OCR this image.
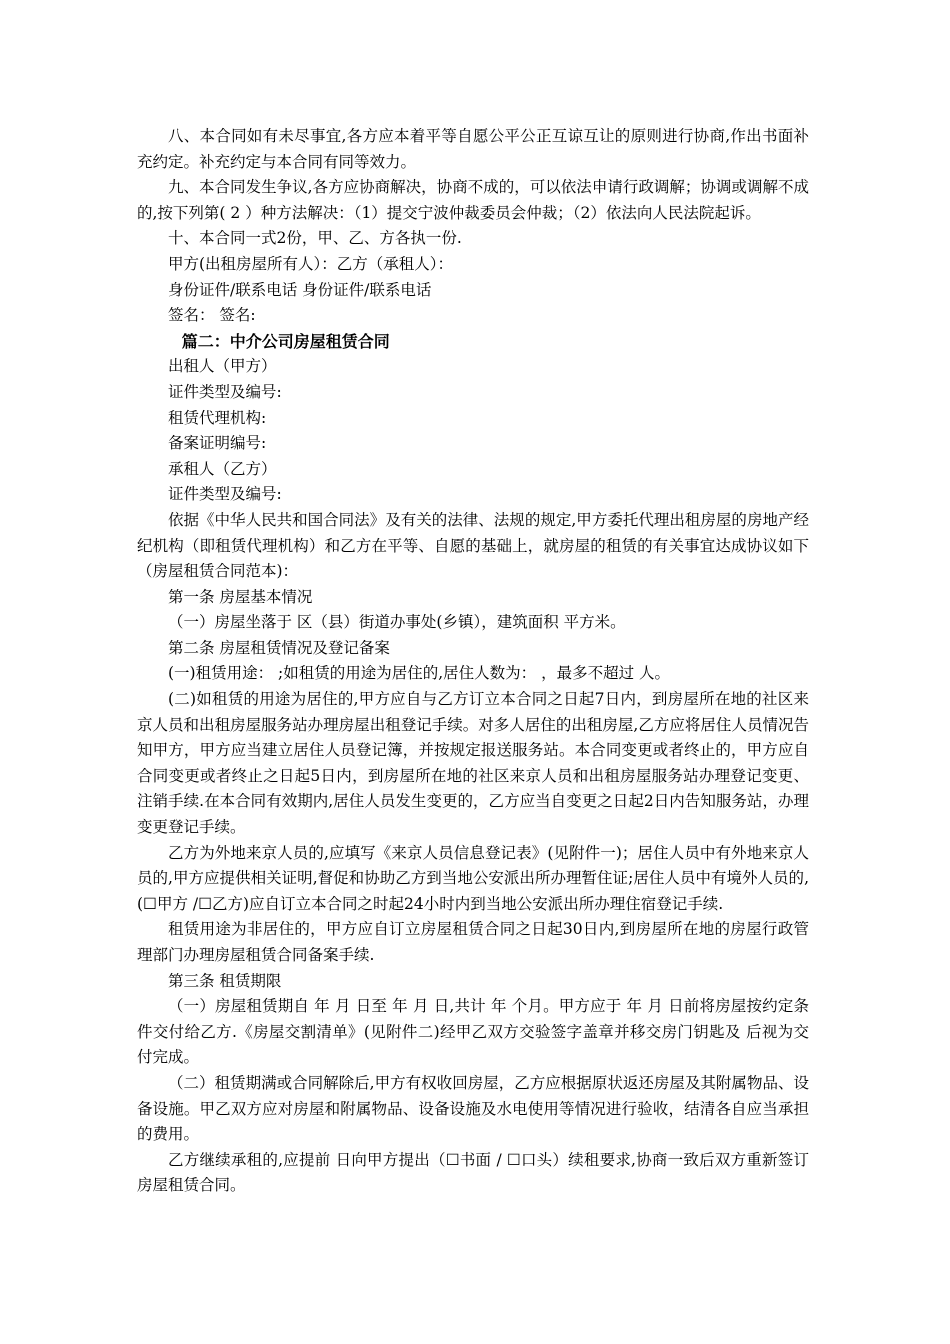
八、本合同如有未尽事宜,各方应本着平等自愿公平公正互谅互让的原则进行协商,作出书面补充约定。补充约定与本合同有同等效力。

九、本合同发生争议,各方应协商解决，协商不成的，可以依法申请行政调解；协调或调解不成的,按下列第( 2 ）种方法解决：（1）提交宁波仲裁委员会仲裁；（2）依法向人民法院起诉。

十、本合同一式2份，甲、乙、方各执一份.

甲方(出租房屋所有人）：乙方（承租人）：

身份证件/联系电话 身份证件/联系电话

签名： 签名:

篇二：中介公司房屋租赁合同

出租人（甲方）

证件类型及编号:

租赁代理机构:

备案证明编号:

承租人（乙方）

证件类型及编号:

依据《中华人民共和国合同法》及有关的法律、法规的规定,甲方委托代理出租房屋的房地产经纪机构（即租赁代理机构）和乙方在平等、自愿的基础上，就房屋的租赁的有关事宜达成协议如下（房屋租赁合同范本)：

第一条 房屋基本情况

（一）房屋坐落于 区（县）街道办事处(乡镇），建筑面积 平方米。

第二条 房屋租赁情况及登记备案

(一)租赁用途： ;如租赁的用途为居住的,居住人数为： ，最多不超过 人。

(二)如租赁的用途为居住的,甲方应自与乙方订立本合同之日起7日内，到房屋所在地的社区来京人员和出租房屋服务站办理房屋出租登记手续。对多人居住的出租房屋,乙方应将居住人员情况告知甲方，甲方应当建立居住人员登记簿，并按规定报送服务站。本合同变更或者终止的，甲方应自合同变更或者终止之日起5日内，到房屋所在地的社区来京人员和出租房屋服务站办理登记变更、注销手续.在本合同有效期内,居住人员发生变更的，乙方应当自变更之日起2日内告知服务站，办理变更登记手续。

乙方为外地来京人员的,应填写《来京人员信息登记表》(见附件一)；居住人员中有外地来京人员的,甲方应提供相关证明,督促和协助乙方到当地公安派出所办理暂住证;居住人员中有境外人员的,(☐甲方 /☐乙方)应自订立本合同之时起24小时内到当地公安派出所办理住宿登记手续.

租赁用途为非居住的，甲方应自订立房屋租赁合同之日起30日内,到房屋所在地的房屋行政管理部门办理房屋租赁合同备案手续.

第三条 租赁期限

（一）房屋租赁期自 年 月 日至 年 月 日,共计 年 个月。甲方应于 年 月 日前将房屋按约定条件交付给乙方.《房屋交割清单》(见附件二)经甲乙双方交验签字盖章并移交房门钥匙及 后视为交付完成。

（二）租赁期满或合同解除后,甲方有权收回房屋，乙方应根据原状返还房屋及其附属物品、设备设施。甲乙双方应对房屋和附属物品、设备设施及水电使用等情况进行验收，结清各自应当承担的费用。

乙方继续承租的,应提前 日向甲方提出（☐书面 / ☐口头）续租要求,协商一致后双方重新签订房屋租赁合同。
